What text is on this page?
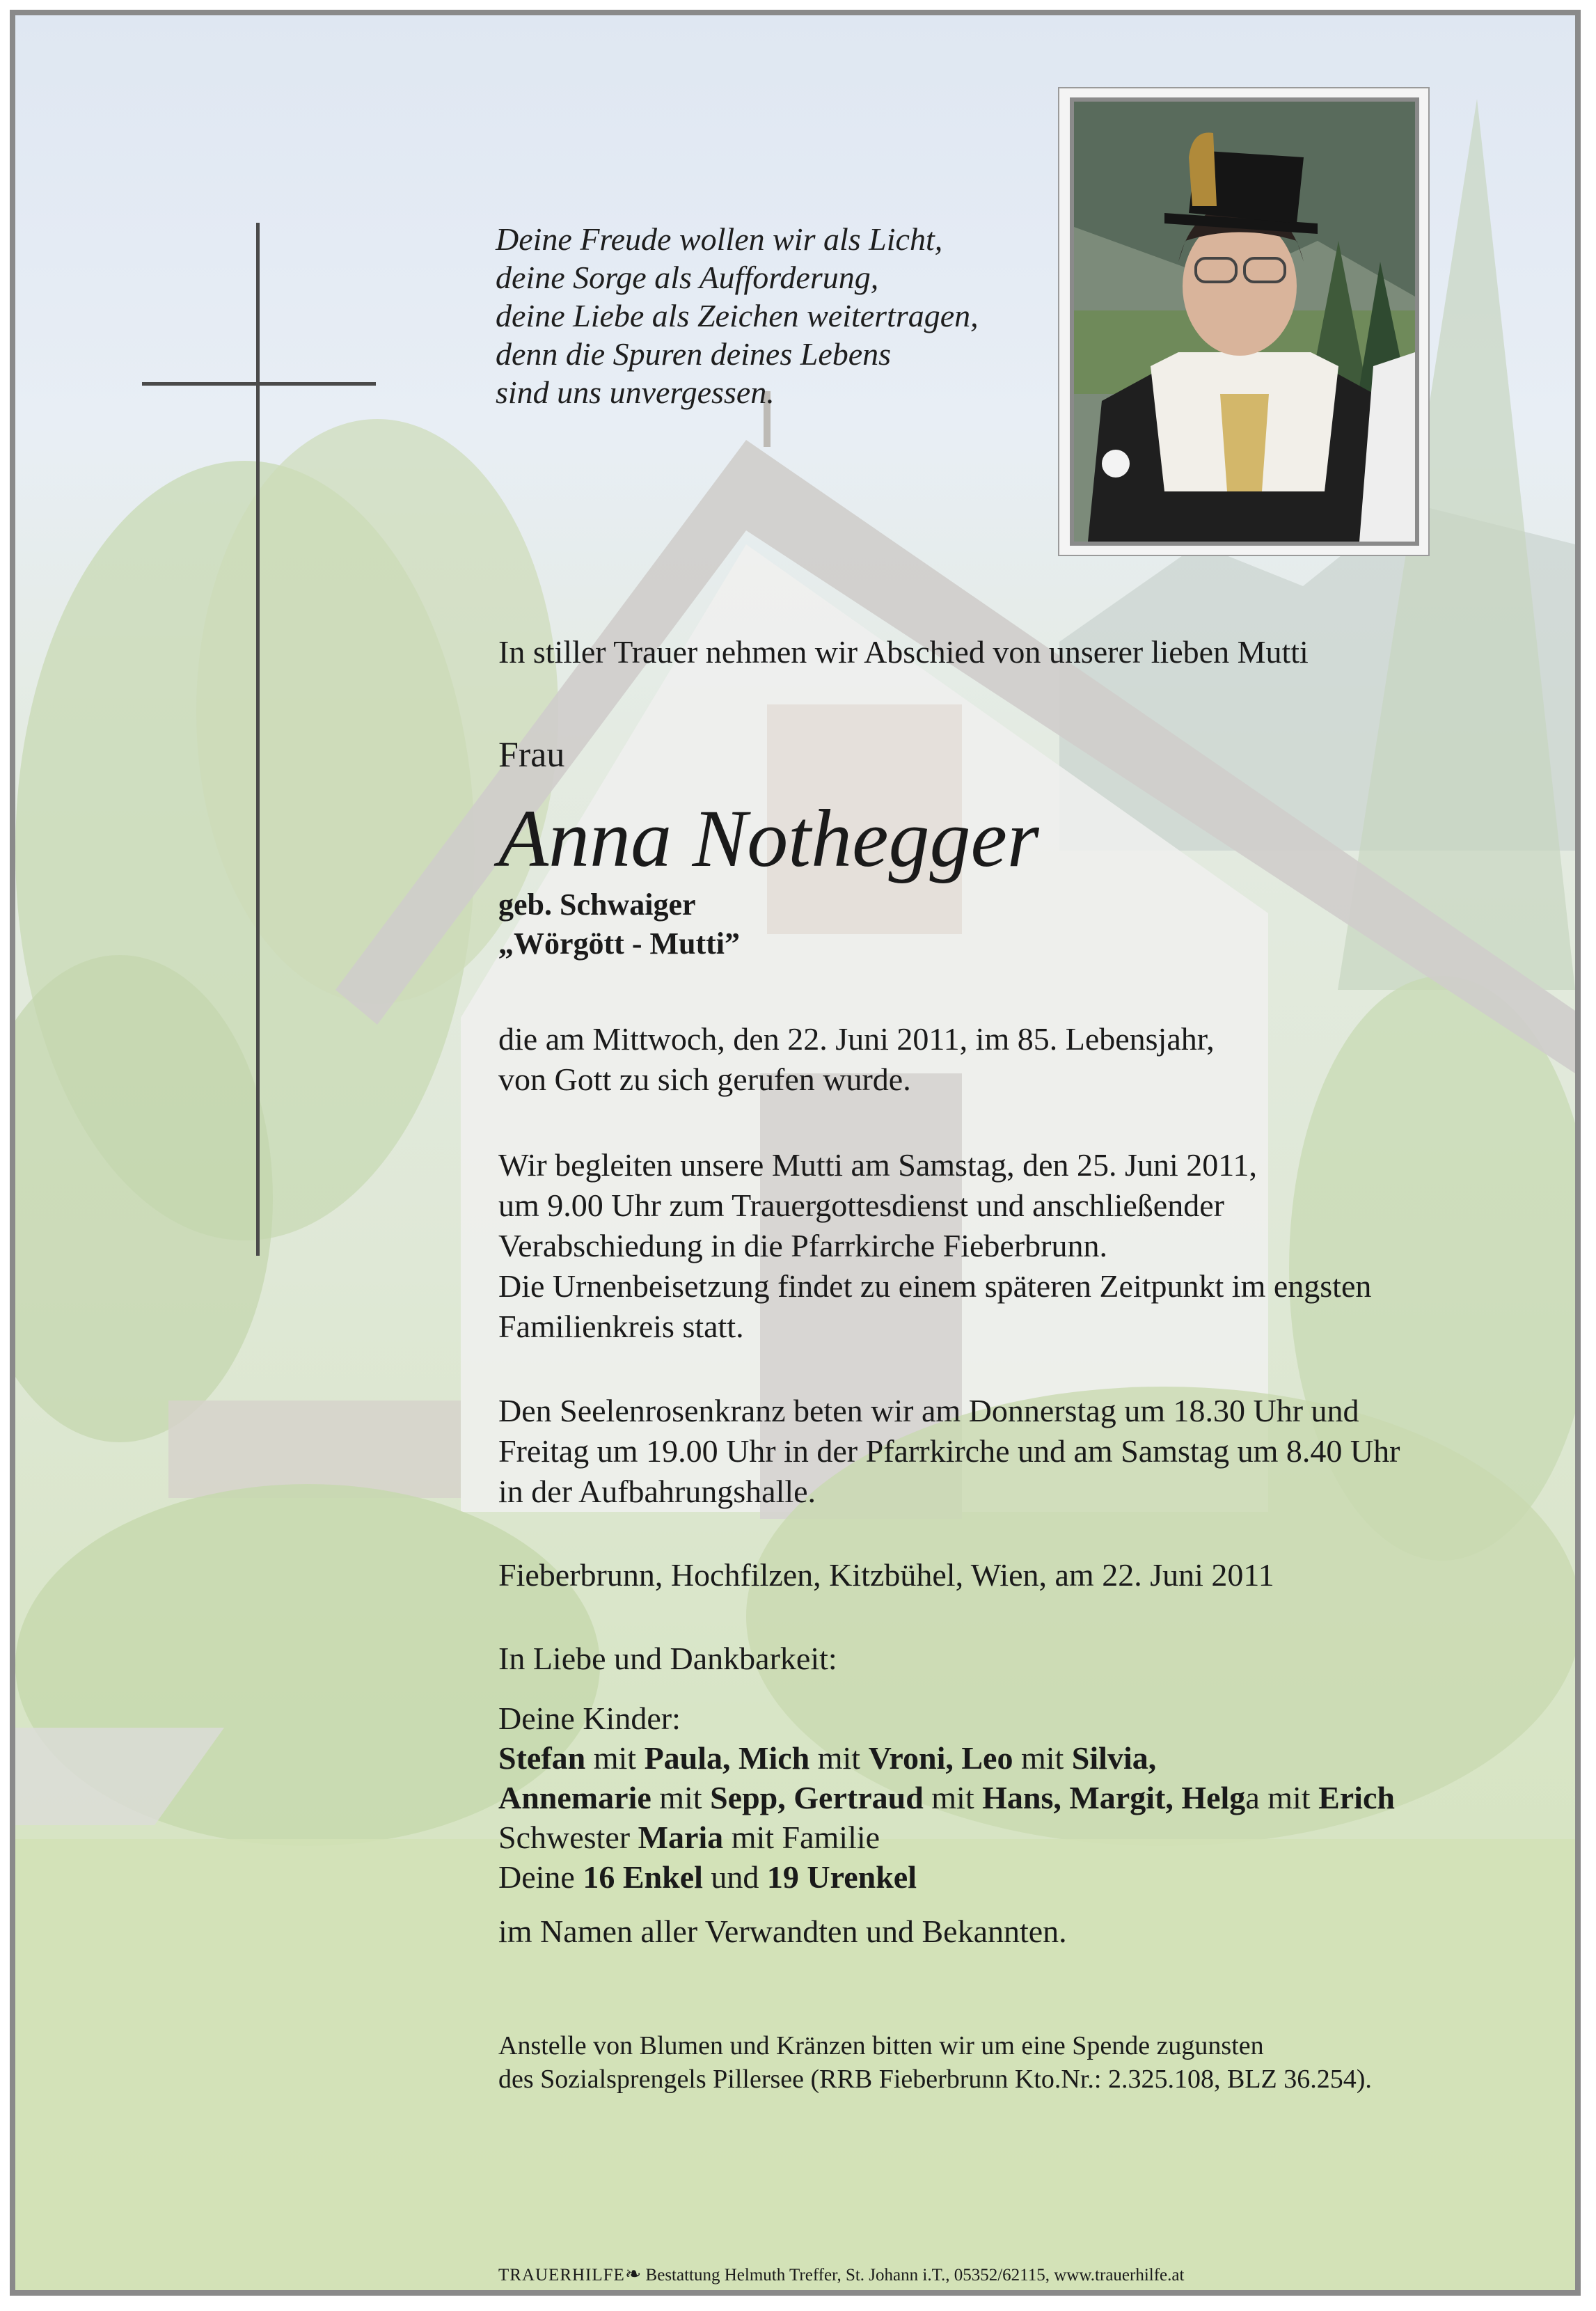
Deine Freude wollen wir als Licht,
deine Sorge als Aufforderung,
deine Liebe als Zeichen weitertragen,
denn die Spuren deines Lebens
sind uns unvergessen.
In stiller Trauer nehmen wir Abschied von unserer lieben Mutti
Frau
Anna Nothegger
geb. Schwaiger
„Wörgött - Mutti”
die am Mittwoch, den 22. Juni 2011, im 85. Lebensjahr,
von Gott zu sich gerufen wurde.
Wir begleiten unsere Mutti am Samstag, den 25. Juni 2011,
um 9.00 Uhr zum Trauergottesdienst und anschließender
Verabschiedung in die Pfarrkirche Fieberbrunn.
Die Urnenbeisetzung findet zu einem späteren Zeitpunkt im engsten
Familienkreis statt.
Den Seelenrosenkranz beten wir am Donnerstag um 18.30 Uhr und
Freitag um 19.00 Uhr in der Pfarrkirche und am Samstag um 8.40 Uhr
in der Aufbahrungshalle.
Fieberbrunn, Hochfilzen, Kitzbühel, Wien, am 22. Juni 2011
In Liebe und Dankbarkeit:
Deine Kinder:
Stefan mit Paula, Mich mit Vroni, Leo mit Silvia,
Annemarie mit Sepp, Gertraud mit Hans, Margit, Helga mit Erich
Schwester Maria mit Familie
Deine 16 Enkel und 19 Urenkel
im Namen aller Verwandten und Bekannten.
Anstelle von Blumen und Kränzen bitten wir um eine Spende zugunsten
des Sozialsprengels Pillersee (RRB Fieberbrunn Kto.Nr.: 2.325.108, BLZ 36.254).
TRAUERHILFE❧ Bestattung Helmuth Treffer, St. Johann i.T., 05352/62115, www.trauerhilfe.at
